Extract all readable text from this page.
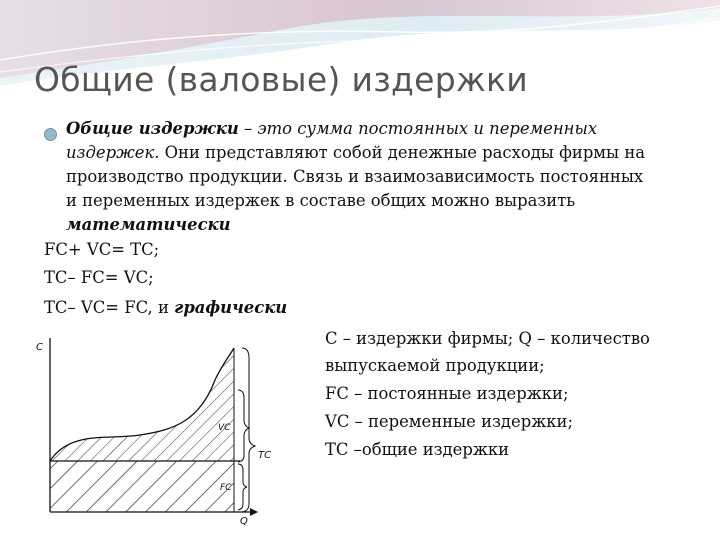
Общие (валовые) издержки
Общие издержки – это сумма постоянных и переменных
издержек. Они представляют собой денежные расходы фирмы на
производство продукции. Связь и взаимозависимость постоянных
и переменных издержек в составе общих можно выразить
математически
FC+ VC= TC;
TC– FC= VC;
TC– VC= FC, и графически
C – издержки фирмы; Q – количество
выпускаемой продукции;
FC – постоянные издержки;
VC – переменные издержки;
TC –общие издержки
C
Q
VC
FC
TC
